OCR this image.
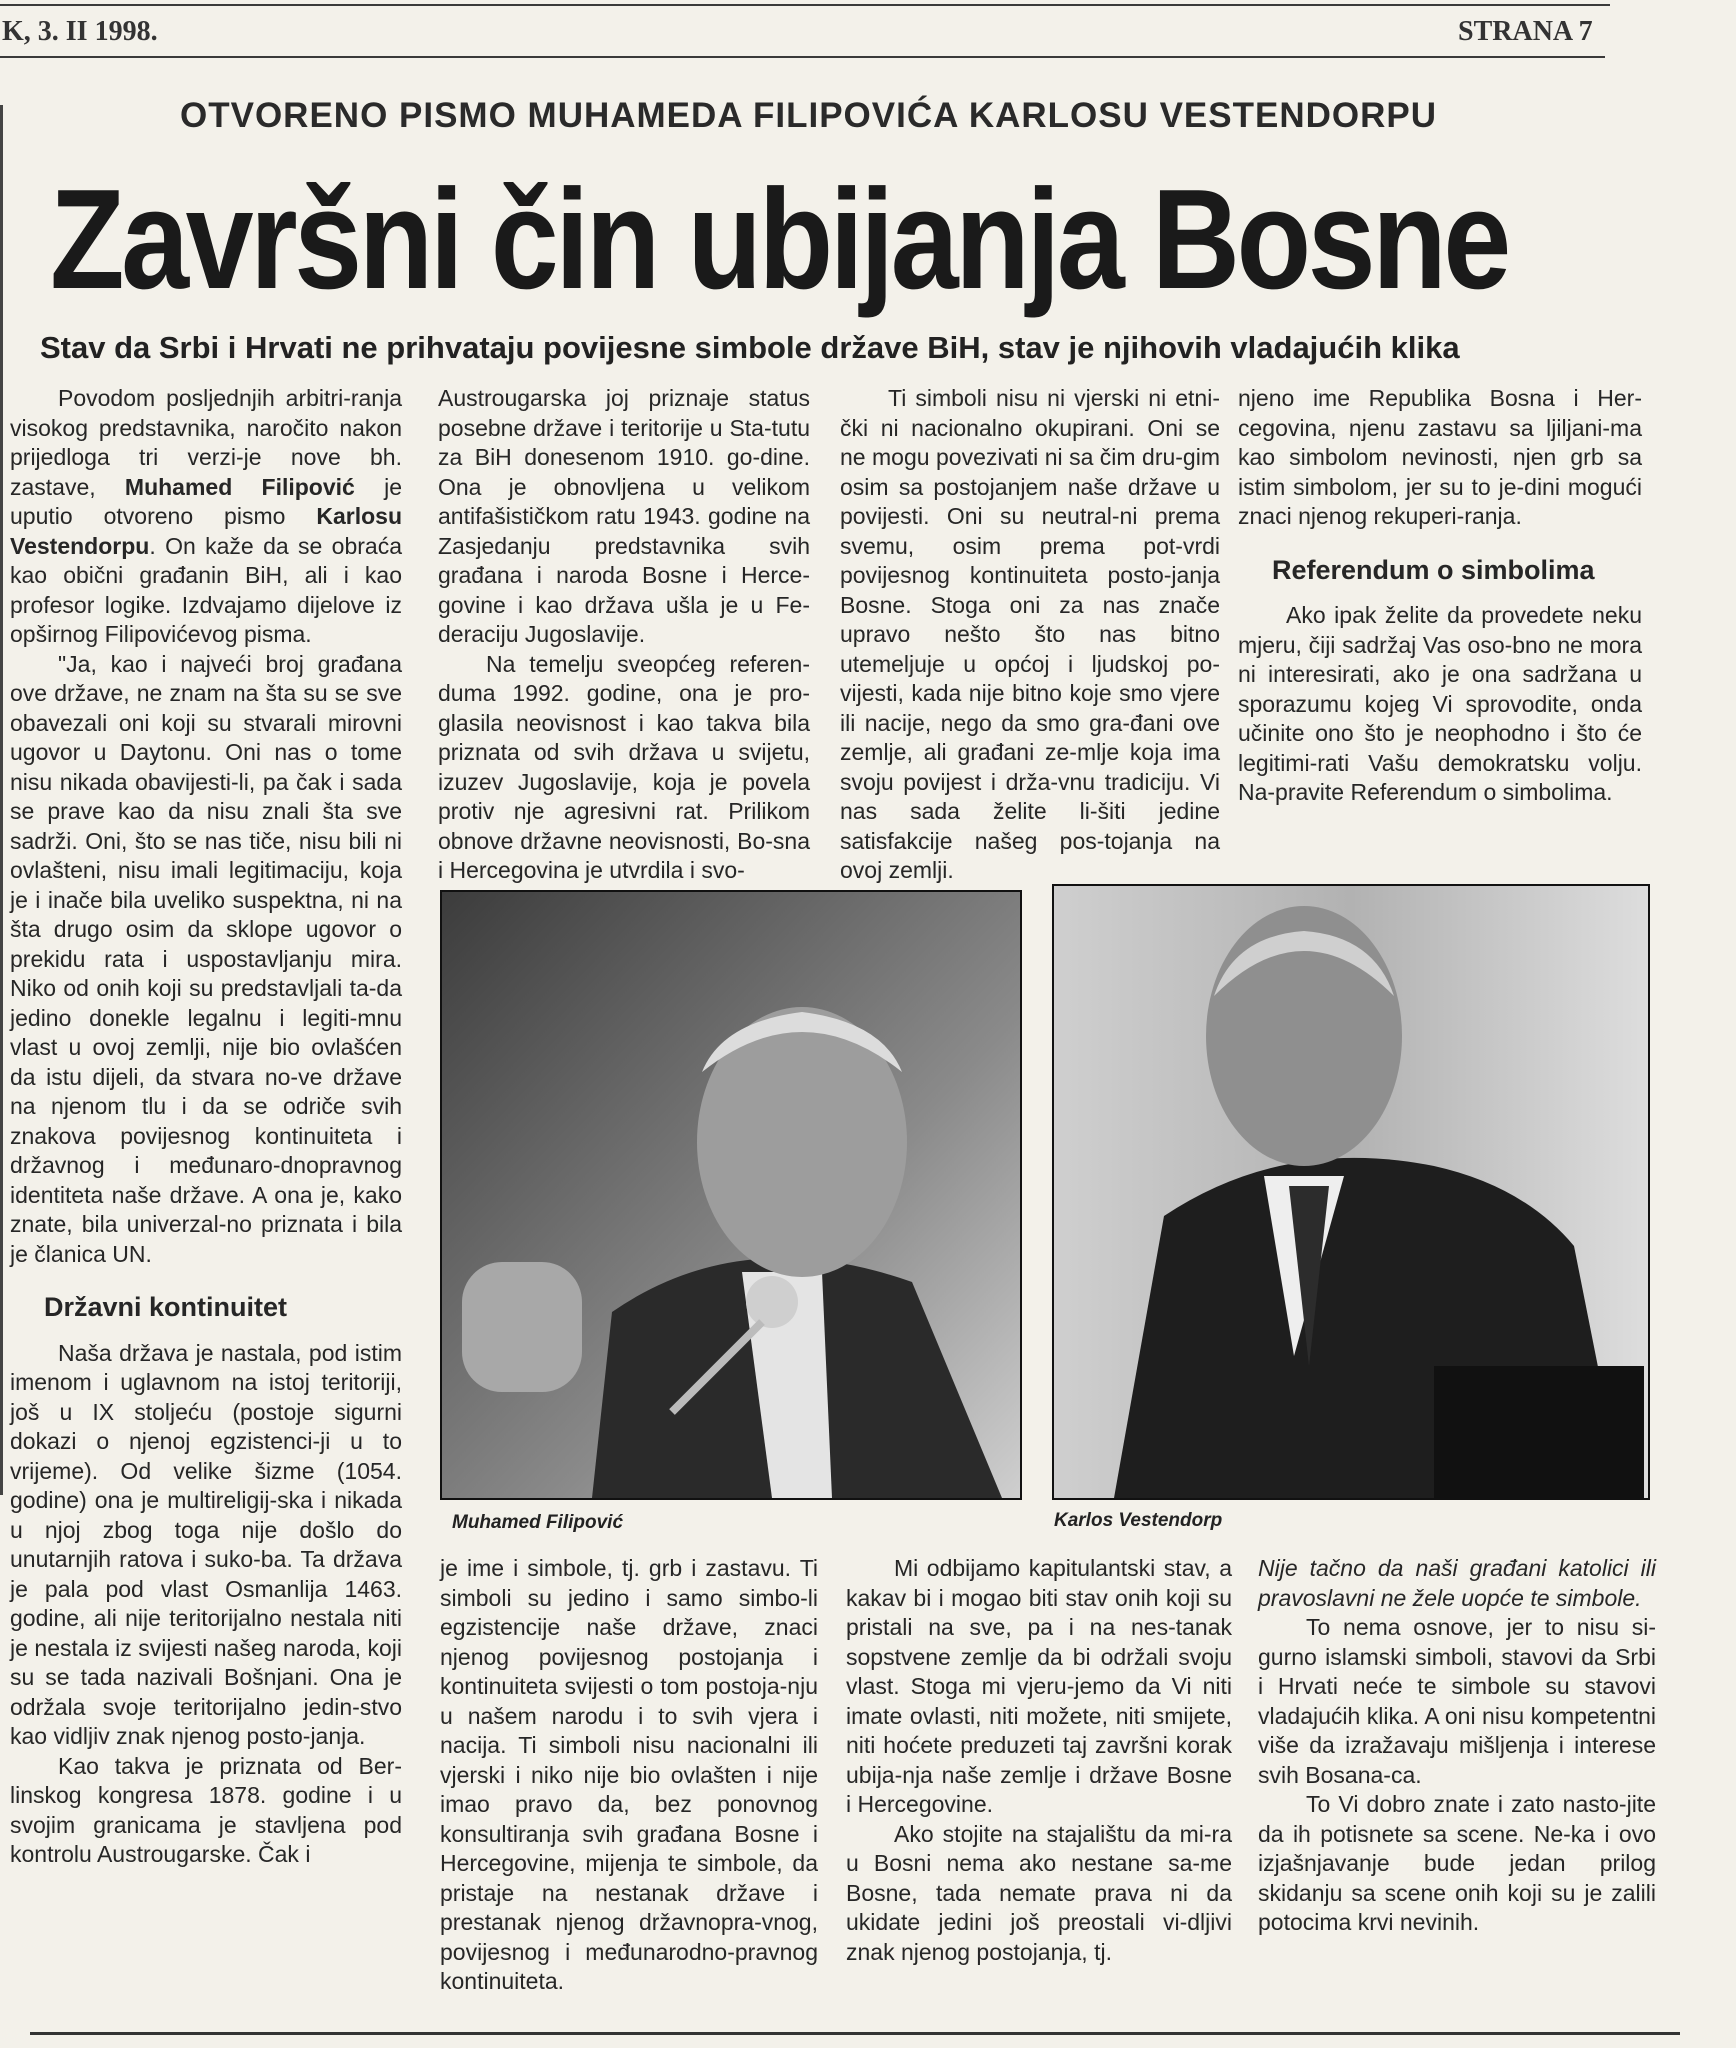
K, 3. II 1998.	STRANA 7
OTVORENO PISMO MUHAMEDA FILIPOVIĆA KARLOSU VESTENDORPU
Završni čin ubijanja Bosne
Stav da Srbi i Hrvati ne prihvataju povijesne simbole države BiH, stav je njihovih vladajućih klika

Povodom posljednjih arbitri-ranja visokog predstavnika, naročito nakon prijedloga tri verzi-je nove bh. zastave, Muhamed Filipović je uputio otvoreno pismo Karlosu Vestendorpu. On kaže da se obraća kao obični građanin BiH, ali i kao profesor logike. Izdvajamo dijelove iz opširnog Filipovićevog pisma.

"Ja, kao i najveći broj građana ove države, ne znam na šta su se sve obavezali oni koji su stvarali mirovni ugovor u Daytonu. Oni nas o tome nisu nikada obavijesti-li, pa čak i sada se prave kao da nisu znali šta sve sadrži. Oni, što se nas tiče, nisu bili ni ovlašteni, nisu imali legitimaciju, koja je i inače bila uveliko suspektna, ni na šta drugo osim da sklope ugovor o prekidu rata i uspostavljanju mira. Niko od onih koji su predstavljali ta-da jedino donekle legalnu i legiti-mnu vlast u ovoj zemlji, nije bio ovlašćen da istu dijeli, da stvara no-ve države na njenom tlu i da se odriče svih znakova povijesnog kontinuiteta i državnog i međunaro-dnopravnog identiteta naše države. A ona je, kako znate, bila univerzal-no priznata i bila je članica UN.

Državni kontinuitet

Naša država je nastala, pod istim imenom i uglavnom na istoj teritoriji, još u IX stoljeću (postoje sigurni dokazi o njenoj egzistenci-ji u to vrijeme). Od velike šizme (1054. godine) ona je multireligij-ska i nikada u njoj zbog toga nije došlo do unutarnjih ratova i suko-ba. Ta država je pala pod vlast Osmanlija 1463. godine, ali nije teritorijalno nestala niti je nestala iz svijesti našeg naroda, koji su se tada nazivali Bošnjani. Ona je održala svoje teritorijalno jedin-stvo kao vidljiv znak njenog posto-janja.

Kao takva je priznata od Ber-linskog kongresa 1878. godine i u svojim granicama je stavljena pod kontrolu Austrougarske. Čak i

Austrougarska joj priznaje status posebne države i teritorije u Sta-tutu za BiH donesenom 1910. go-dine. Ona je obnovljena u velikom antifašističkom ratu 1943. godine na Zasjedanju predstavnika svih građana i naroda Bosne i Herce-govine i kao država ušla je u Fe-deraciju Jugoslavije.

Na temelju sveopćeg referen-duma 1992. godine, ona je pro-glasila neovisnost i kao takva bila priznata od svih država u svijetu, izuzev Jugoslavije, koja je povela protiv nje agresivni rat. Prilikom obnove državne neovisnosti, Bo-sna i Hercegovina je utvrdila i svo-

Ti simboli nisu ni vjerski ni etni-čki ni nacionalno okupirani. Oni se ne mogu povezivati ni sa čim dru-gim osim sa postojanjem naše države u povijesti. Oni su neutral-ni prema svemu, osim prema pot-vrdi povijesnog kontinuiteta posto-janja Bosne. Stoga oni za nas znače upravo nešto što nas bitno utemeljuje u općoj i ljudskoj po-vijesti, kada nije bitno koje smo vjere ili nacije, nego da smo gra-đani ove zemlje, ali građani ze-mlje koja ima svoju povijest i drža-vnu tradiciju. Vi nas sada želite li-šiti jedine satisfakcije našeg pos-tojanja na ovoj zemlji.

njeno ime Republika Bosna i Her-cegovina, njenu zastavu sa ljiljani-ma kao simbolom nevinosti, njen grb sa istim simbolom, jer su to je-dini mogući znaci njenog rekuperi-ranja.

Referendum o simbolima

Ako ipak želite da provedete neku mjeru, čiji sadržaj Vas oso-bno ne mora ni interesirati, ako je ona sadržana u sporazumu kojeg Vi sprovodite, onda učinite ono što je neophodno i što će legitimi-rati Vašu demokratsku volju. Na-pravite Referendum o simbolima.

Muhamed Filipović	Karlos Vestendorp

je ime i simbole, tj. grb i zastavu. Ti simboli su jedino i samo simbo-li egzistencije naše države, znaci njenog povijesnog postojanja i kontinuiteta svijesti o tom postoja-nju u našem narodu i to svih vjera i nacija. Ti simboli nisu nacionalni ili vjerski i niko nije bio ovlašten i nije imao pravo da, bez ponovnog konsultiranja svih građana Bosne i Hercegovine, mijenja te simbole, da pristaje na nestanak države i prestanak njenog državnopra-vnog, povijesnog i međunarodno-pravnog kontinuiteta.

Mi odbijamo kapitulantski stav, a kakav bi i mogao biti stav onih koji su pristali na sve, pa i na nes-tanak sopstvene zemlje da bi održali svoju vlast. Stoga mi vjeru-jemo da Vi niti imate ovlasti, niti možete, niti smijete, niti hoćete preduzeti taj završni korak ubija-nja naše zemlje i države Bosne i Hercegovine.

Ako stojite na stajalištu da mi-ra u Bosni nema ako nestane sa-me Bosne, tada nemate prava ni da ukidate jedini još preostali vi-dljivi znak njenog postojanja, tj.

Nije tačno da naši građani katolici ili pravoslavni ne žele uopće te simbole.

To nema osnove, jer to nisu si-gurno islamski simboli, stavovi da Srbi i Hrvati neće te simbole su stavovi vladajućih klika. A oni nisu kompetentni više da izražavaju mišljenja i interese svih Bosana-ca.

To Vi dobro znate i zato nasto-jite da ih potisnete sa scene. Ne-ka i ovo izjašnjavanje bude jedan prilog skidanju sa scene onih koji su je zalili potocima krvi nevinih.
